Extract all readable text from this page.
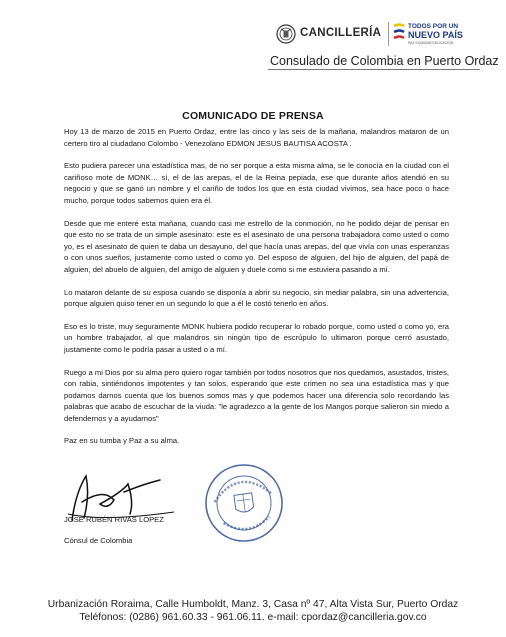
CANCILLERÍA
TODOS POR UN
NUEVO PAÍS
PAZ EQUIDAD EDUCACIÓN
Consulado de Colombia en Puerto Ordaz
COMUNICADO DE PRENSA

Hoy 13 de marzo de 2015 en Puerto Ordaz, entre las cinco y las seis de la mañana, malandros mataron de un certero tiro al ciudadano Colombo - Venezolano EDMON JESUS BAUTISA ACOSTA .

Esto pudiera parecer una estadística mas, de no ser porque a esta misma alma, se le conocía en la ciudad con el cariñoso mote de MONK… sí, el de las arepas, el de la Reina pepiada, ese que durante años atendió en su negocio y que se ganó un nombre y el cariño de todos los que en esta ciudad vivimos, sea hace poco o hace mucho, porque todos sabemos quien era él.

Desde que me enteré esta mañana, cuando casi me estrello de la conmoción, no he podido dejar de pensar en que esto no se trata de un simple asesinato: este es el asesinato de una persona trabajadora como usted o como yo, es el asesinato de quien te daba un desayuno, del que hacía unas arepas, del que vivía con unas esperanzas o con unos sueños, justamente como usted o como yo. Del esposo de alguien, del hijo de alguien, del papá de alguien, del abuelo de alguien, del amigo de alguien y duele como si me estuviera pasando a mí.

Lo mataron delante de su esposa cuando se disponía a abrir su negocio, sin mediar palabra, sin una advertencia, porque alguien quiso tener en un segundo lo que a él le costó tenerlo en años.

Eso es lo triste, muy seguramente MONK hubiera podido recuperar lo robado porque, como usted o como yo, era un hombre trabajador, al que malandros sin ningún tipo de escrúpulo lo ultimaron porque cerró asustado, justamente como le podría pasar a usted o a mí.

Ruego a mi Dios por su alma pero quiero rogar también por todos nosotros que nos quedamos, asustados, tristes, con rabia, sintiéndonos impotentes y tan solos, esperando que este crimen no sea una estadística mas y que podamos darnos cuenta que los buenos somos mas y que podemos hacer una diferencia solo recordando las palabras que acabo de escuchar de la viuda: "le agradezco a la gente de los Mangos porque salieron sin miedo a defendernos y a ayudarnos"

Paz en su tumba y Paz a su alma.

JOSÉ RUBÉN RIVAS LÓPEZ
Cónsul de Colombia
Urbanización Roraima, Calle Humboldt, Manz. 3, Casa nº 47, Alta Vista Sur, Puerto Ordaz
Teléfonos: (0286) 961.60.33 - 961.06.11. e-mail: cpordaz@cancilleria.gov.co
